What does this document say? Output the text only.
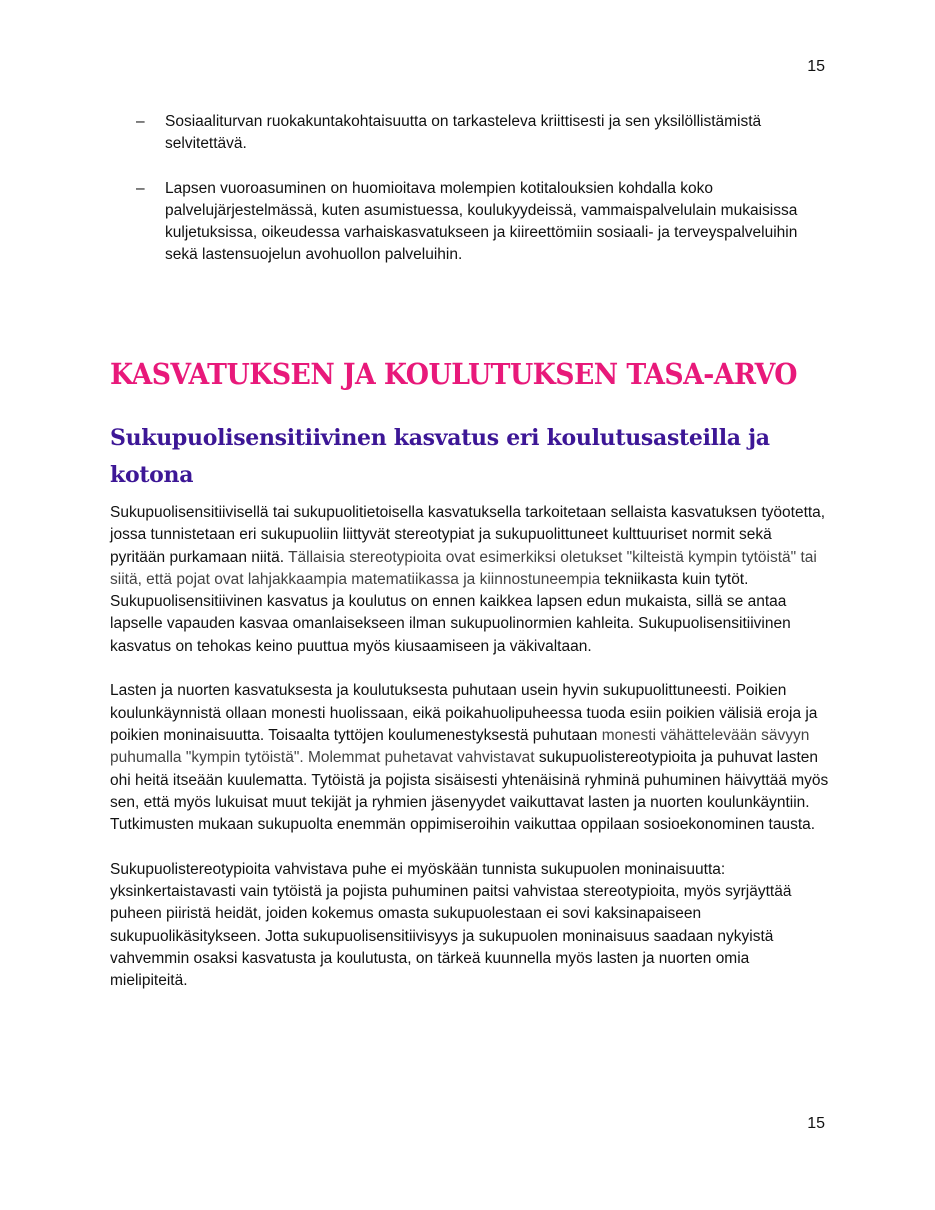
15
– Sosiaaliturvan ruokakuntakohtaisuutta on tarkasteleva kriittisesti ja sen yksilöllistämistä selvitettävä.
– Lapsen vuoroasuminen on huomioitava molempien kotitalouksien kohdalla koko palvelujärjestelmässä, kuten asumistuessa, koulukyydeissä, vammaispalvelulain mukaisissa kuljetuksissa, oikeudessa varhaiskasvatukseen ja kiireettömiin sosiaali- ja terveyspalveluihin sekä lastensuojelun avohuollon palveluihin.
KASVATUKSEN JA KOULUTUKSEN TASA-ARVO
Sukupuolisensitiivinen kasvatus eri koulutusasteilla ja kotona

Sukupuolisensitiivisellä tai sukupuolitietoisella kasvatuksella tarkoitetaan sellaista kasvatuksen työotetta, jossa tunnistetaan eri sukupuoliin liittyvät stereotypiat ja sukupuolittuneet kulttuuriset normit sekä pyritään purkamaan niitä. Tällaisia stereotypioita ovat esimerkiksi oletukset "kilteistä kympin tytöistä" tai siitä, että pojat ovat lahjakkaampia matematiikassa ja kiinnostuneempia tekniikasta kuin tytöt. Sukupuolisensitiivinen kasvatus ja koulutus on ennen kaikkea lapsen edun mukaista, sillä se antaa lapselle vapauden kasvaa omanlaisekseen ilman sukupuolinormien kahleita. Sukupuolisensitiivinen kasvatus on tehokas keino puuttua myös kiusaamiseen ja väkivaltaan.

Lasten ja nuorten kasvatuksesta ja koulutuksesta puhutaan usein hyvin sukupuolittuneesti. Poikien koulunkäynnistä ollaan monesti huolissaan, eikä poikahuolipuheessa tuoda esiin poikien välisiä eroja ja poikien moninaisuutta. Toisaalta tyttöjen koulumenestyksestä puhutaan monesti vähättelevään sävyyn puhumalla "kympin tytöistä". Molemmat puhetavat vahvistavat sukupuolistereotypioita ja puhuvat lasten ohi heitä itseään kuulematta. Tytöistä ja pojista sisäisesti yhtenäisinä ryhminä puhuminen häivyttää myös sen, että myös lukuisat muut tekijät ja ryhmien jäsenyydet vaikuttavat lasten ja nuorten koulunkäyntiin. Tutkimusten mukaan sukupuolta enemmän oppimiseroihin vaikuttaa oppilaan sosioekonominen tausta.

Sukupuolistereotypioita vahvistava puhe ei myöskään tunnista sukupuolen moninaisuutta: yksinkertaistavasti vain tytöistä ja pojista puhuminen paitsi vahvistaa stereotypioita, myös syrjäyttää puheen piiristä heidät, joiden kokemus omasta sukupuolestaan ei sovi kaksinapaiseen sukupuolikäsitykseen. Jotta sukupuolisensitiivisyys ja sukupuolen moninaisuus saadaan nykyistä vahvemmin osaksi kasvatusta ja koulutusta, on tärkeä kuunnella myös lasten ja nuorten omia mielipiteitä.

15
